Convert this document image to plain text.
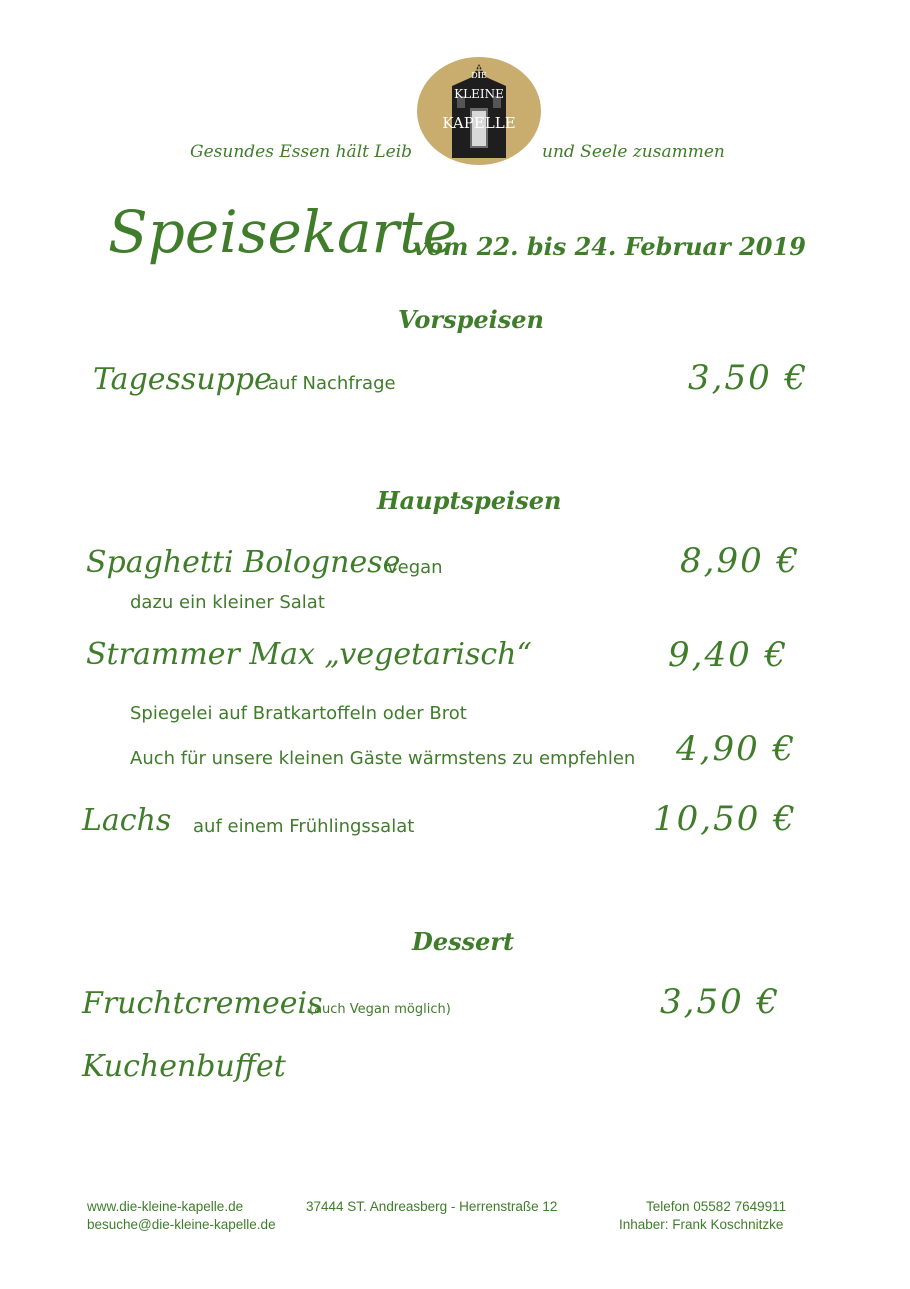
DIE
KLEINE
KAPELLE
Gesundes Essen hält Leib	und Seele zusammen
Speisekarte
vom 22. bis 24. Februar 2019
Vorspeisen
Tagessuppe
auf Nachfrage	3,50 €
Hauptspeisen
Spaghetti Bolognese
vegan
dazu ein kleiner Salat
8,90 €
Strammer Max „vegetarisch“	9,40 €
Spiegelei auf Bratkartoffeln oder Brot
Auch für unsere kleinen Gäste wärmstens zu empfehlen 4,90 €
Lachs auf einem Frühlingssalat	10,50 €
Dessert
Fruchtcremeeis
(auch Vegan möglich)	3,50 €
Kuchenbuffet
www.die-kleine-kapelle.de
besuche@die-kleine-kapelle.de
37444 ST. Andreasberg - Herrenstraße 12	Telefon 05582 7649911
Inhaber: Frank Koschnitzke
